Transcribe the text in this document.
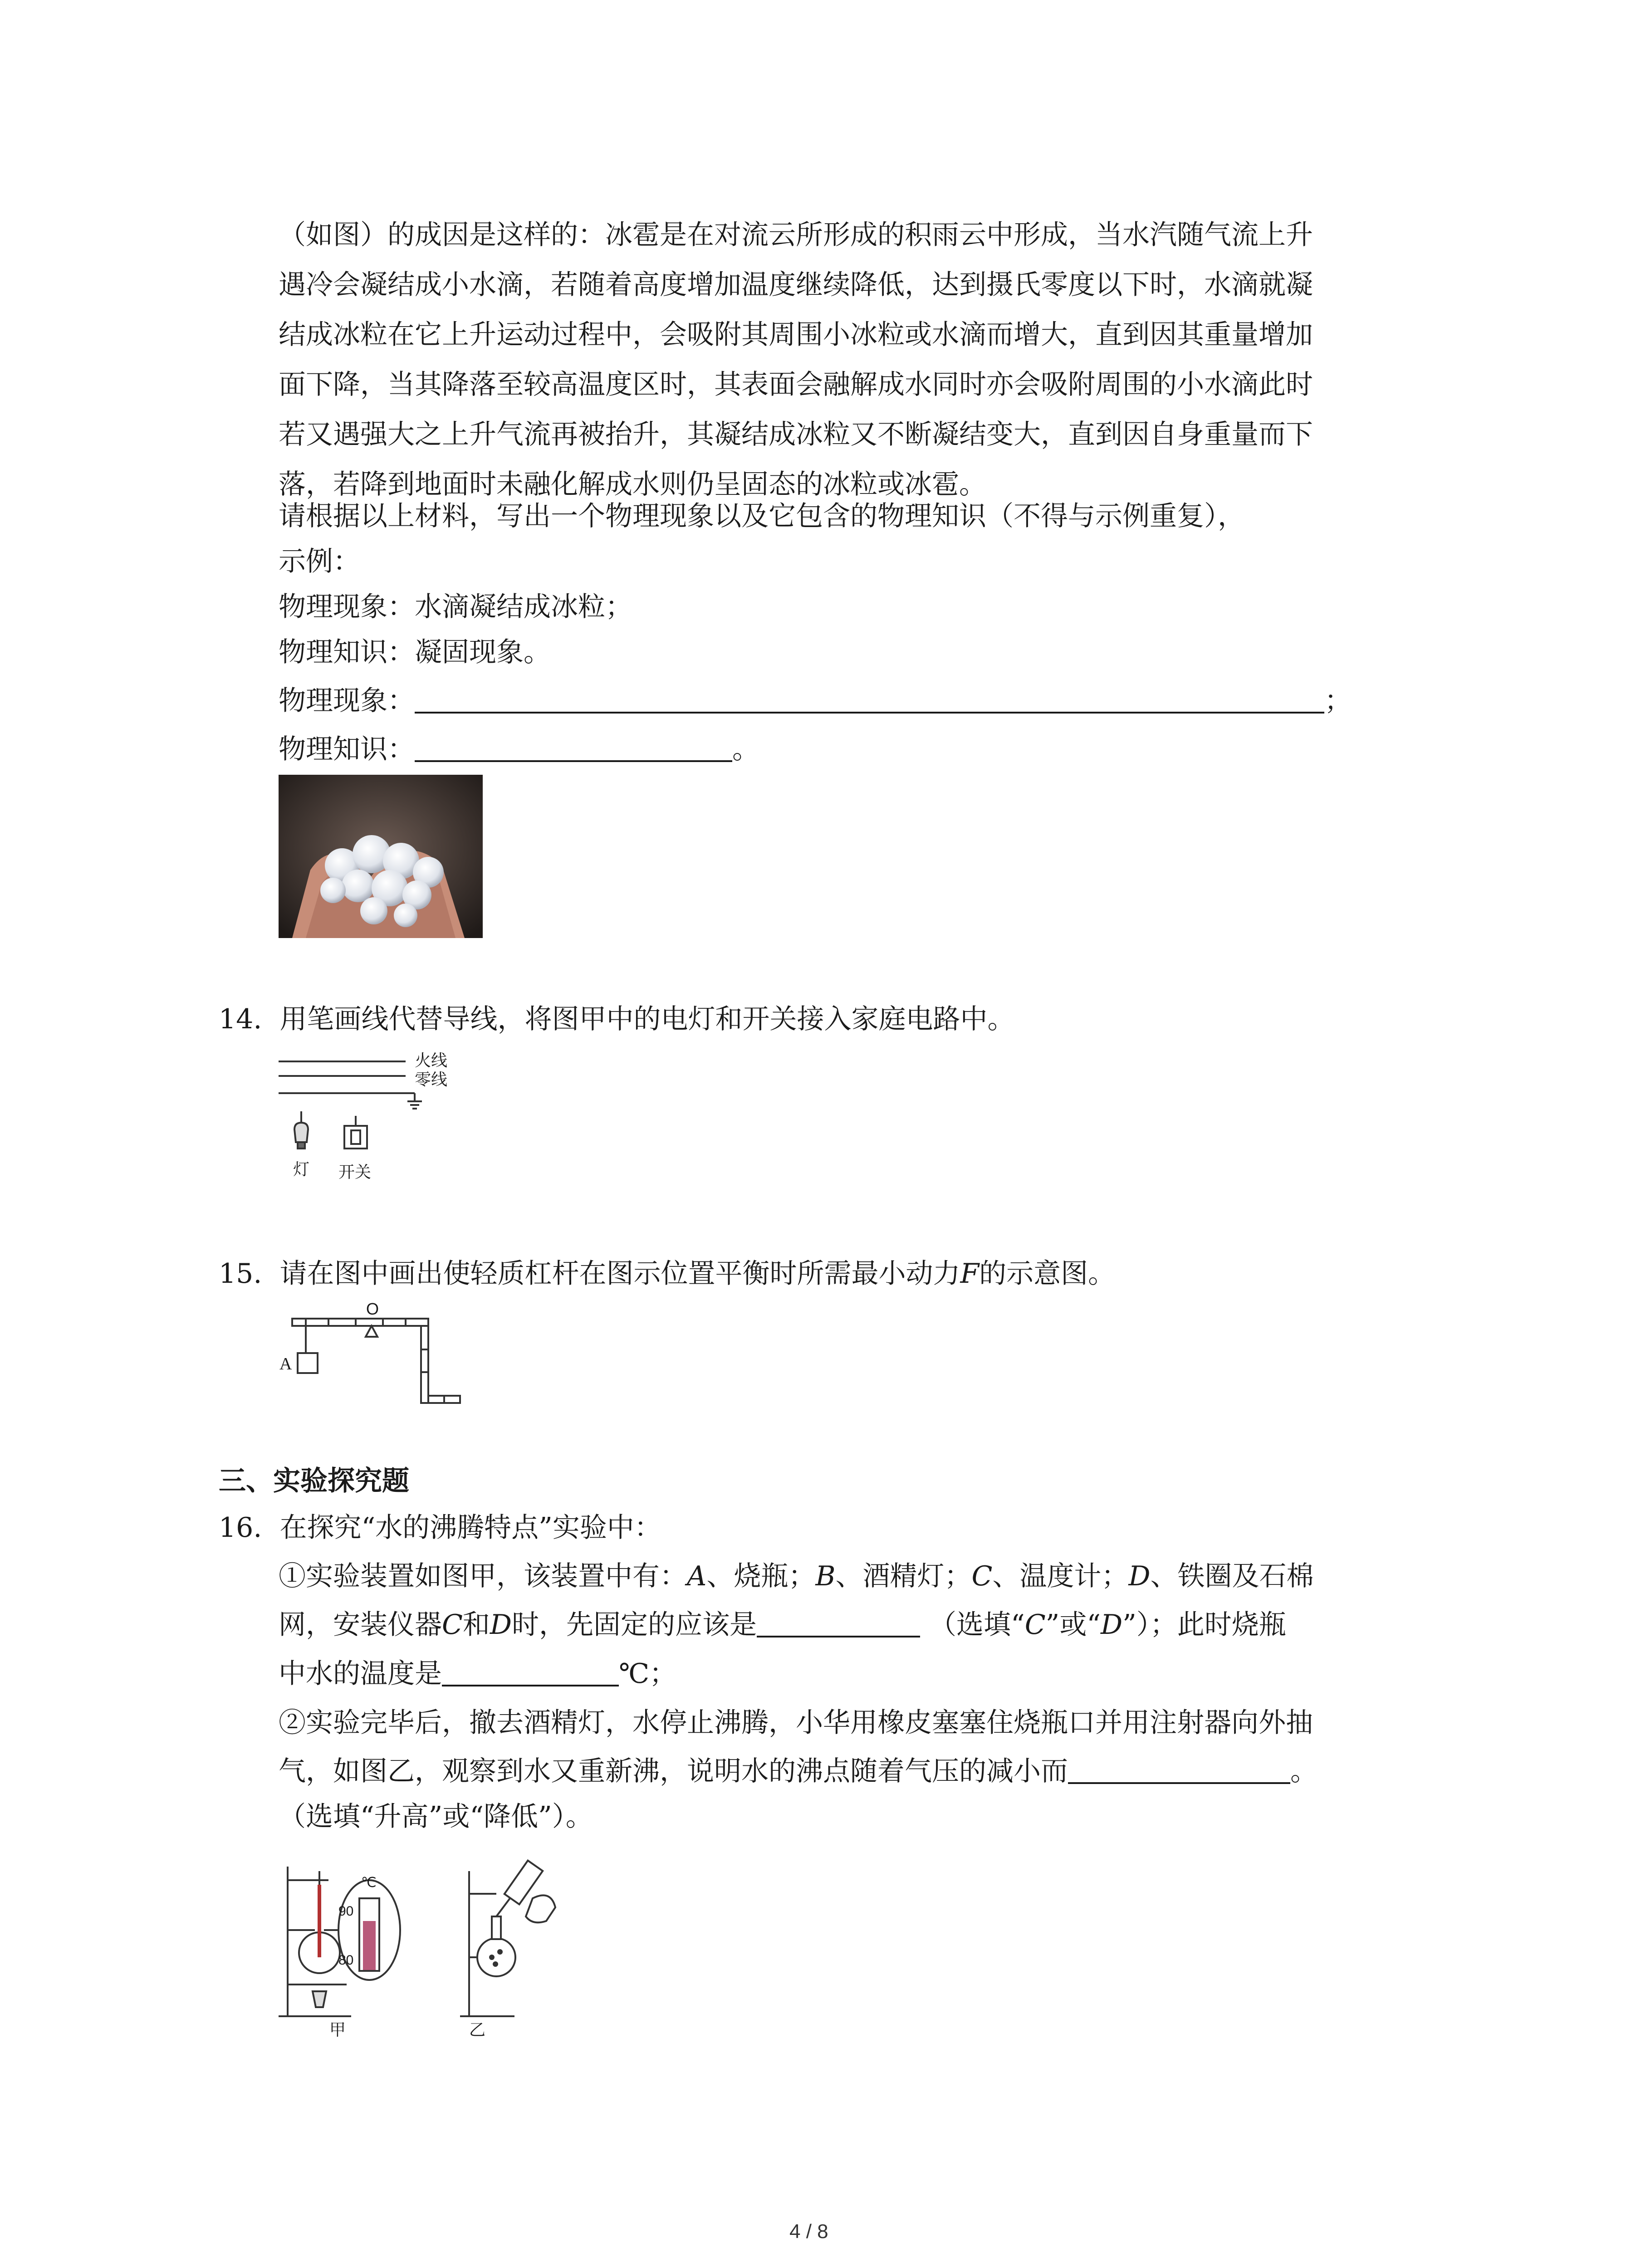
（如图）的成因是这样的：冰雹是在对流云所形成的积雨云中形成，当水汽随气流上升
遇冷会凝结成小水滴，若随着高度增加温度继续降低，达到摄氏零度以下时，水滴就凝
结成冰粒在它上升运动过程中，会吸附其周围小冰粒或水滴而增大，直到因其重量增加
面下降，当其降落至较高温度区时，其表面会融解成水同时亦会吸附周围的小水滴此时
若又遇强大之上升气流再被抬升，其凝结成冰粒又不断凝结变大，直到因自身重量而下
落，若降到地面时未融化解成水则仍呈固态的冰粒或冰雹。
请根据以上材料，写出一个物理现象以及它包含的物理知识（不得与示例重复），
示例：
物理现象：水滴凝结成冰粒；
物理知识：凝固现象。
物理现象：	；
物理知识：	。
14. 用笔画线代替导线，将图甲中的电灯和开关接入家庭电路中。
火线
零线
灯 开关
15. 请在图中画出使轻质杠杆在图示位置平衡时所需最小动力F的示意图。
O
A
三、实验探究题
16. 在探究“水的沸腾特点”实验中：
①实验装置如图甲，该装置中有：A、烧瓶；B、酒精灯；C、温度计；D、铁圈及石棉
网，安装仪器C和D时，先固定的应该是	（选填“C”或“D”）；此时烧瓶
中水的温度是	℃；
②实验完毕后，撤去酒精灯，水停止沸腾，小华用橡皮塞塞住烧瓶口并用注射器向外抽
气，如图乙，观察到水又重新沸，说明水的沸点随着气压的减小而	。
（选填“升高”或“降低”）。
℃
90
80
甲	乙
4 / 8
